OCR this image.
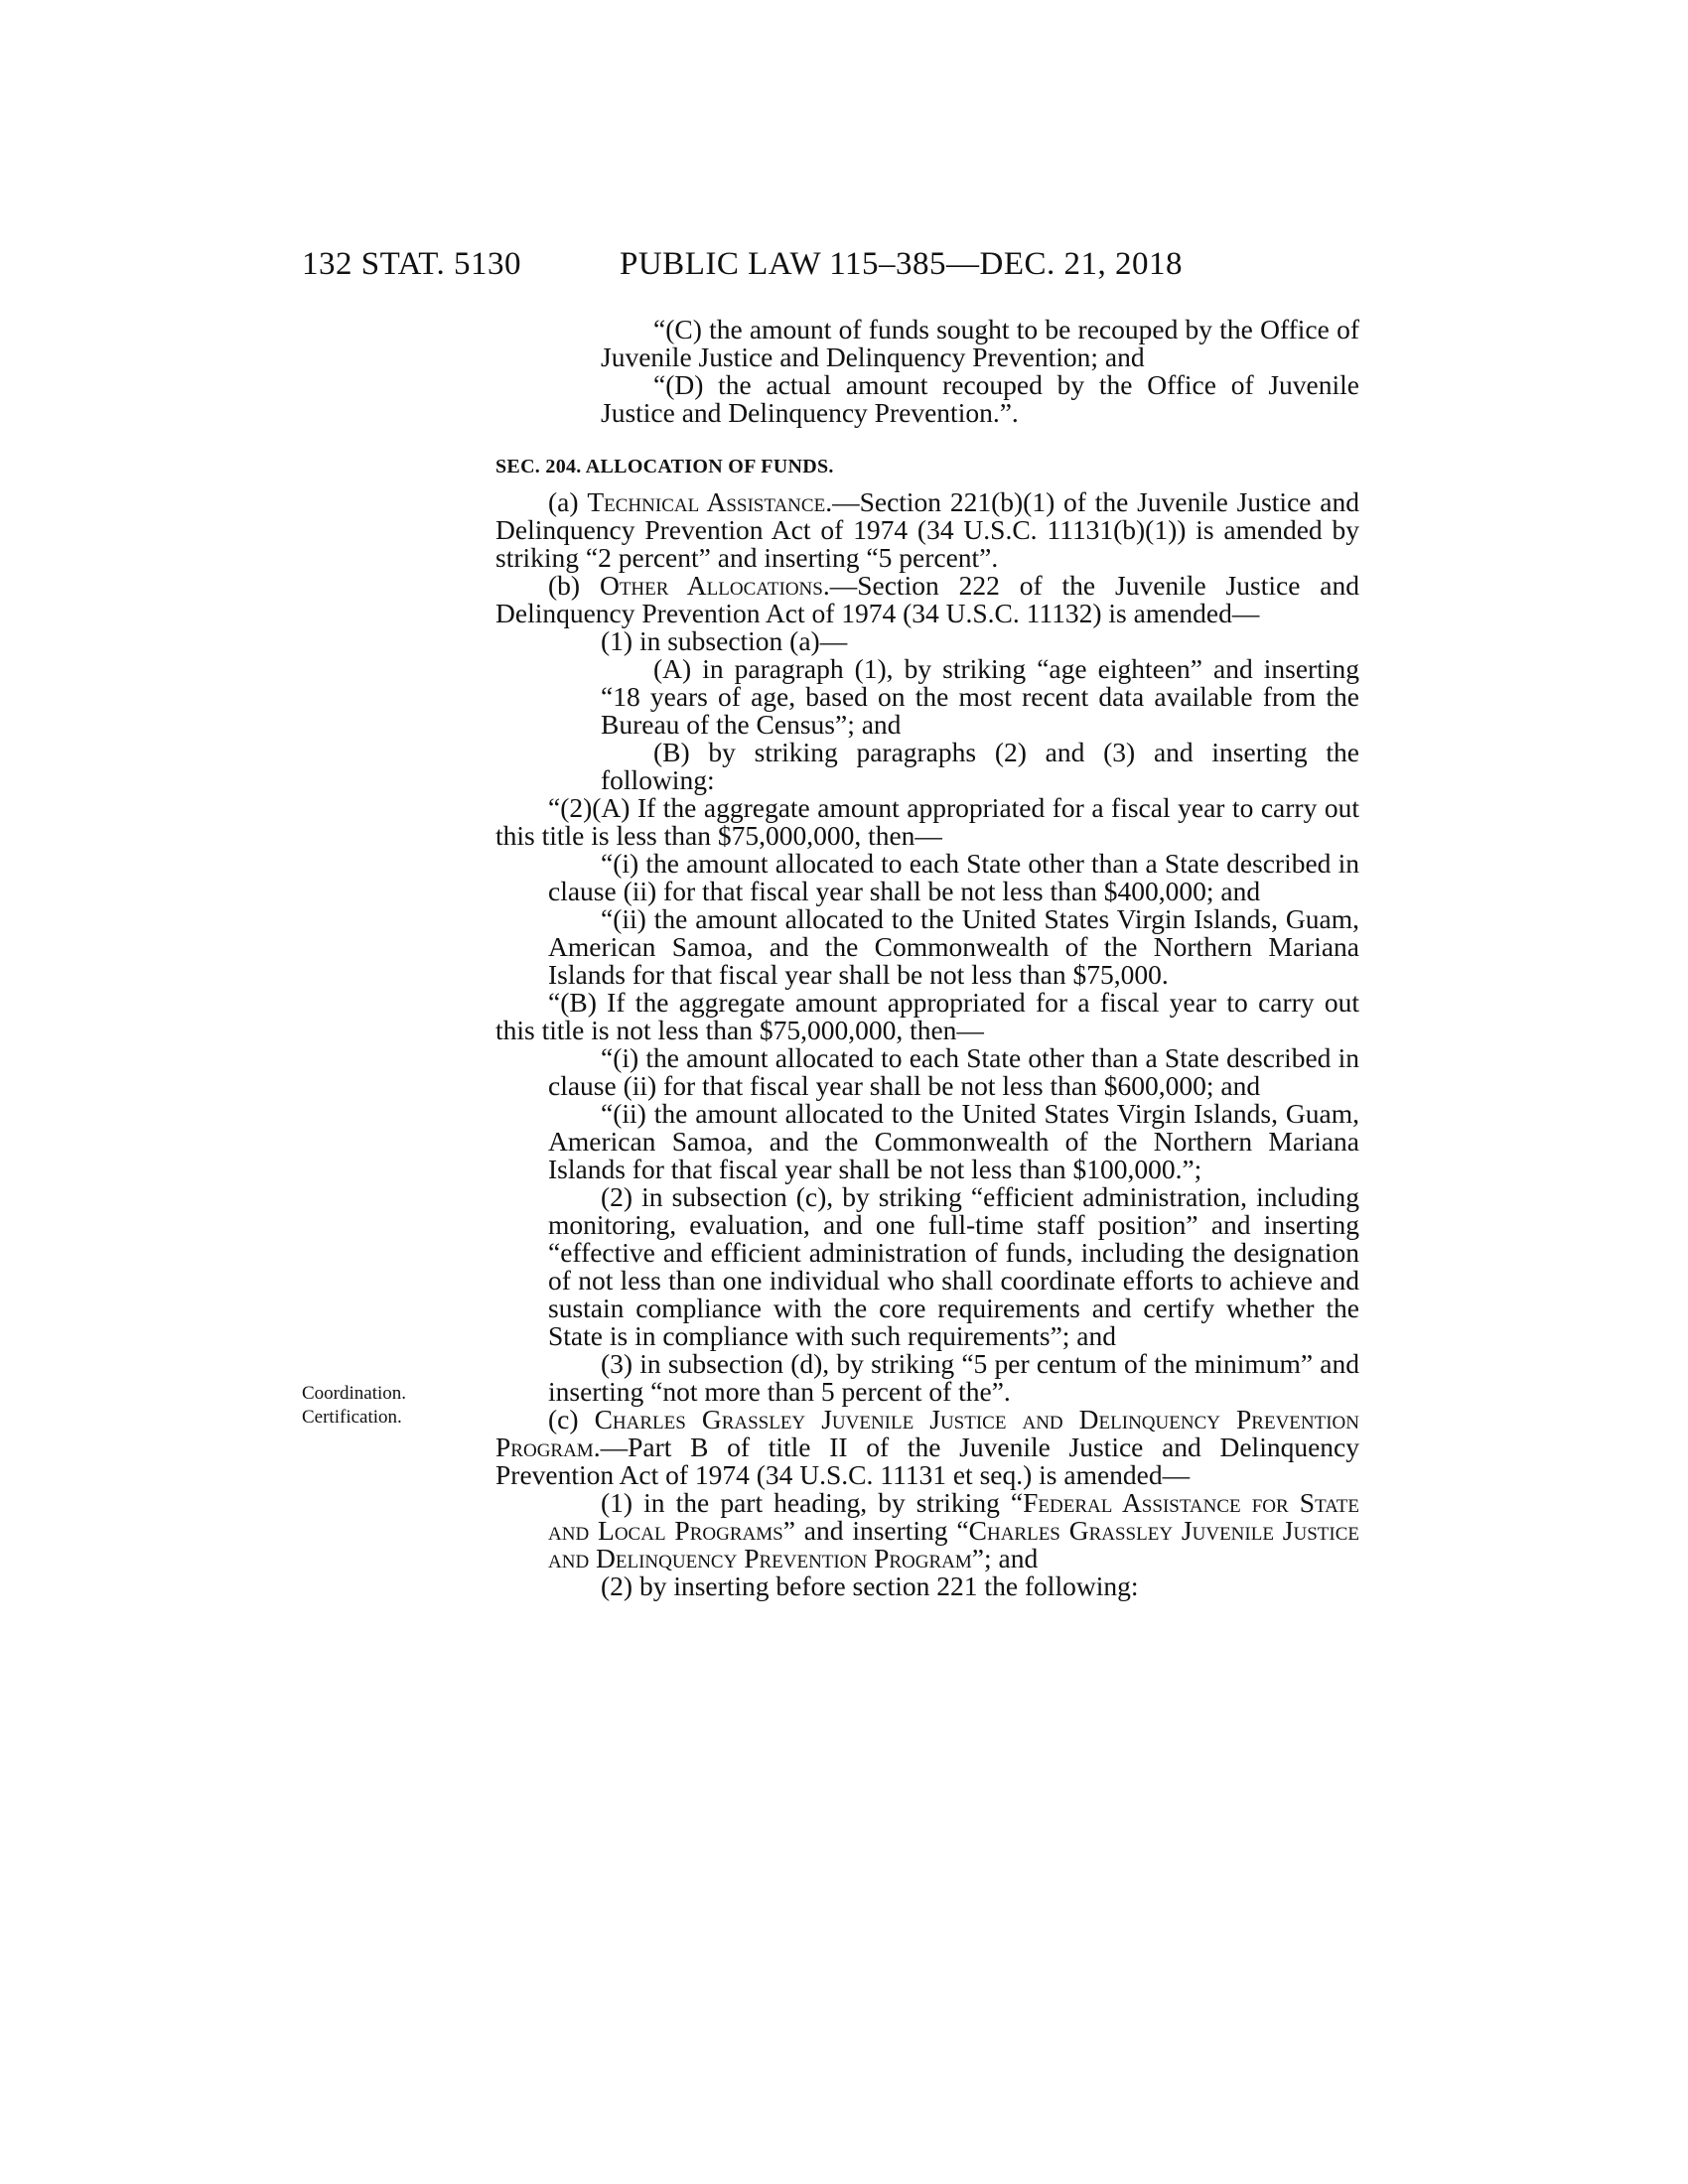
132 STAT. 5130	PUBLIC LAW 115–385—DEC. 21, 2018
Coordination.
Certification.

“(C) the amount of funds sought to be recouped by the Office of Juvenile Justice and Delinquency Prevention; and

“(D) the actual amount recouped by the Office of Juvenile Justice and Delinquency Prevention.”.

SEC. 204. ALLOCATION OF FUNDS.

(a) Technical Assistance.—Section 221(b)(1) of the Juvenile Justice and Delinquency Prevention Act of 1974 (34 U.S.C. 11131(b)(1)) is amended by striking “2 percent” and inserting “5 percent”.

(b) Other Allocations.—Section 222 of the Juvenile Justice and Delinquency Prevention Act of 1974 (34 U.S.C. 11132) is amended—

(1) in subsection (a)—

(A) in paragraph (1), by striking “age eighteen” and inserting “18 years of age, based on the most recent data available from the Bureau of the Census”; and

(B) by striking paragraphs (2) and (3) and inserting the following:

“(2)(A) If the aggregate amount appropriated for a fiscal year to carry out this title is less than $75,000,000, then—

“(i) the amount allocated to each State other than a State described in clause (ii) for that fiscal year shall be not less than $400,000; and

“(ii) the amount allocated to the United States Virgin Islands, Guam, American Samoa, and the Commonwealth of the Northern Mariana Islands for that fiscal year shall be not less than $75,000.

“(B) If the aggregate amount appropriated for a fiscal year to carry out this title is not less than $75,000,000, then—

“(i) the amount allocated to each State other than a State described in clause (ii) for that fiscal year shall be not less than $600,000; and

“(ii) the amount allocated to the United States Virgin Islands, Guam, American Samoa, and the Commonwealth of the Northern Mariana Islands for that fiscal year shall be not less than $100,000.”;

(2) in subsection (c), by striking “efficient administration, including monitoring, evaluation, and one full-time staff position” and inserting “effective and efficient administration of funds, including the designation of not less than one individual who shall coordinate efforts to achieve and sustain compliance with the core requirements and certify whether the State is in compliance with such requirements”; and

(3) in subsection (d), by striking “5 per centum of the minimum” and inserting “not more than 5 percent of the”.

(c) Charles Grassley Juvenile Justice and Delinquency Prevention Program.—Part B of title II of the Juvenile Justice and Delinquency Prevention Act of 1974 (34 U.S.C. 11131 et seq.) is amended—

(1) in the part heading, by striking “Federal Assistance for State and Local Programs” and inserting “Charles Grassley Juvenile Justice and Delinquency Prevention Program”; and

(2) by inserting before section 221 the following:
